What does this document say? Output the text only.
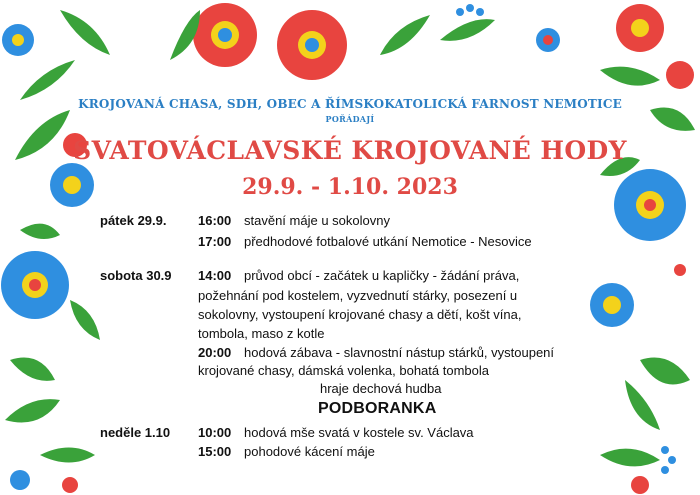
KROJOVANÁ CHASA, SDH, OBEC A ŘÍMSKOKATOLICKÁ FARNOST NEMOTICE
POŘÁDAJÍ
SVATOVÁCLAVSKÉ KROJOVANÉ HODY
29.9. - 1.10. 2023
pátek 29.9. 16:00 stavění máje u sokolovny
17:00 předhodové fotbalové utkání Nemotice - Nesovice
sobota 30.9 14:00 průvod obcí - začátek u kapličky - žádání práva,
požehnání pod kostelem, vyzvednutí stárky, posezení u
sokolovny, vystoupení krojované chasy a dětí, košt vína,
tombola, maso z kotle
20:00 hodová zábava - slavnostní nástup stárků, vystoupení
krojované chasy, dámská volenka, bohatá tombola
hraje dechová hudba
PODBORANKA
neděle 1.10 10:00 hodová mše svatá v kostele sv. Václava
15:00 pohodové kácení máje
